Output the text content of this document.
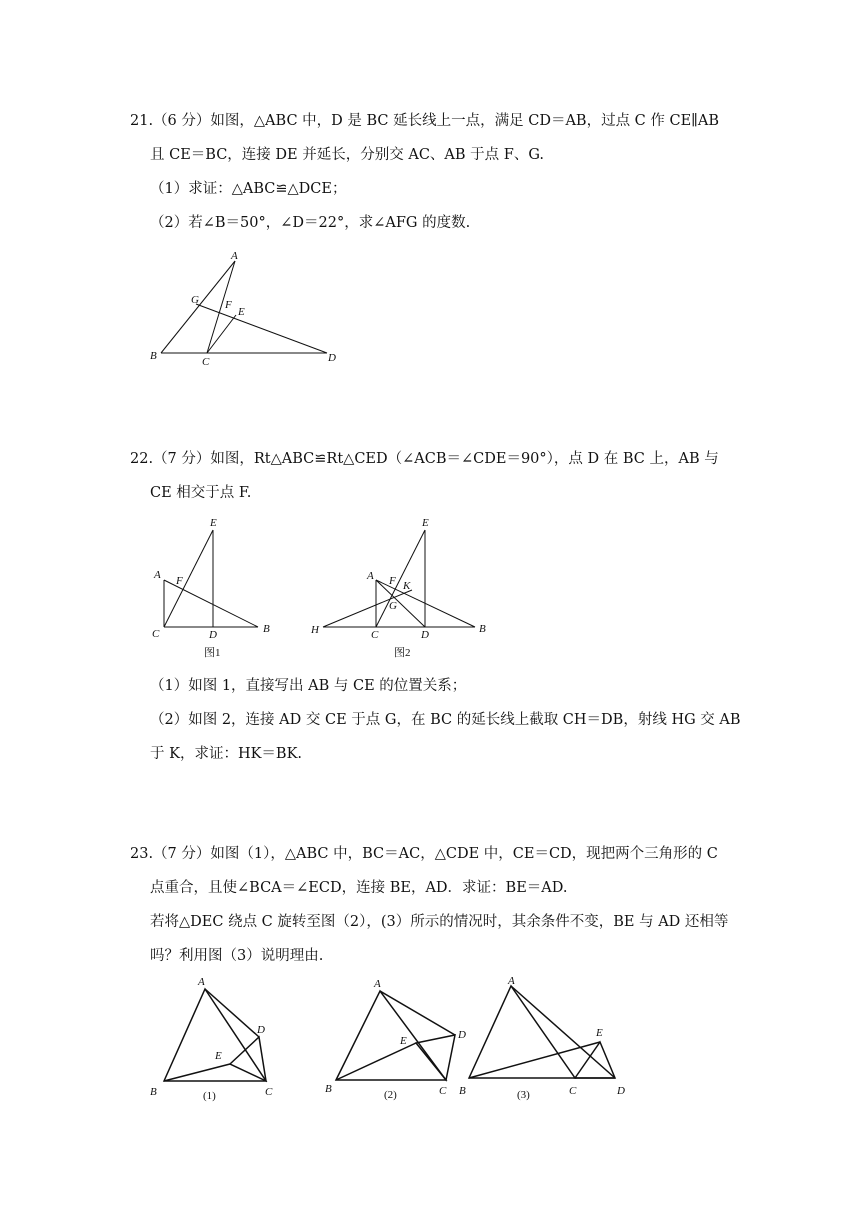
21.（6 分）如图，△ABC 中，D 是 BC 延长线上一点，满足 CD＝AB，过点 C 作 CE∥AB
且 CE＝BC，连接 DE 并延长，分别交 AC、AB 于点 F、G.
（1）求证：△ABC≌△DCE；
（2）若∠B＝50°，∠D＝22°，求∠AFG 的度数.
A
B	C	D
E
F
G
22.（7 分）如图，Rt△ABC≌Rt△CED（∠ACB＝∠CDE＝90°），点 D 在 BC 上，AB 与
CE 相交于点 F.
E
A F
C	D	B
图1
E
A F K
G
H	C	D	B
图2
（1）如图 1，直接写出 AB 与 CE 的位置关系；
（2）如图 2，连接 AD 交 CE 于点 G，在 BC 的延长线上截取 CH＝DB，射线 HG 交 AB
于 K，求证：HK＝BK.
23.（7 分）如图（1），△ABC 中，BC＝AC，△CDE 中，CE＝CD，现把两个三角形的 C
点重合，且使∠BCA＝∠ECD，连接 BE，AD．求证：BE＝AD.
若将△DEC 绕点 C 旋转至图（2），(3）所示的情况时，其余条件不变，BE 与 AD 还相等
吗？利用图（3）说明理由.
A
D
E
B	C
(1)
A
D
E
B	C
(2)
A
E
B	C	D
(3)
